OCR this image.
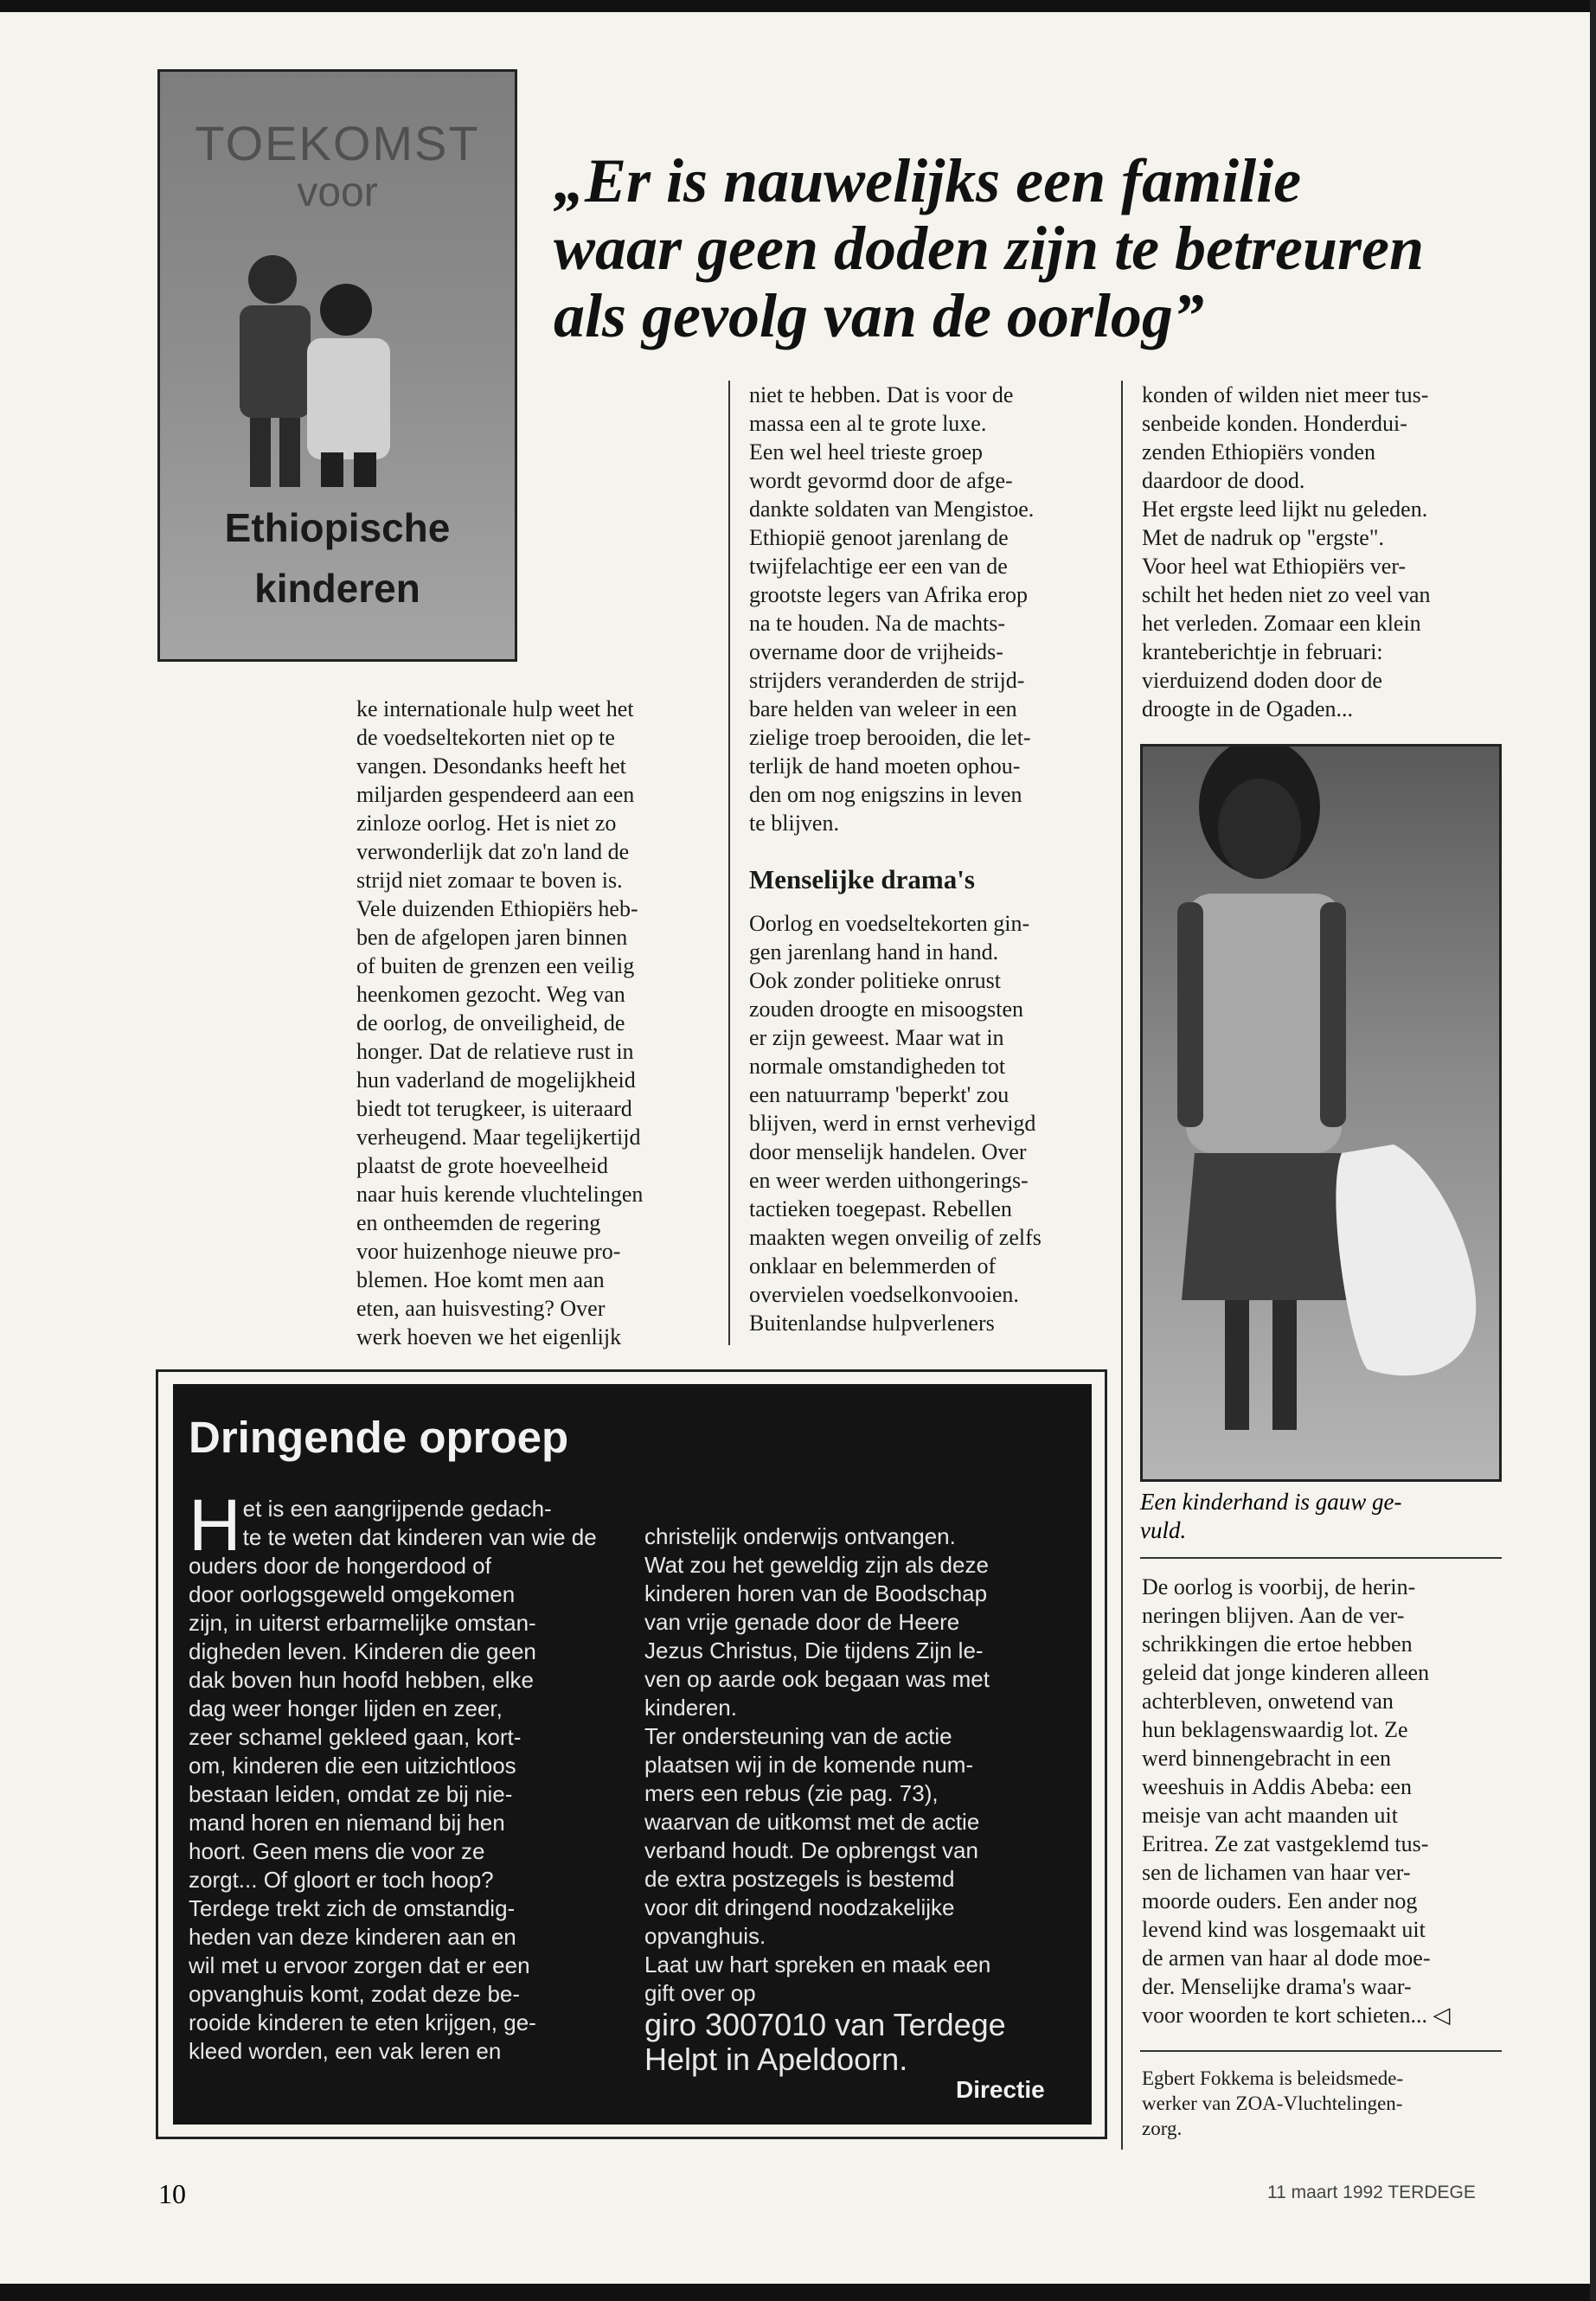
TOEKOMST
voor
Ethiopische
kinderen
„Er is nauwelijks een familie
waar geen doden zijn te betreuren
als gevolg van de oorlog”
ke internationale hulp weet het
de voedseltekorten niet op te
vangen. Desondanks heeft het
miljarden gespendeerd aan een
zinloze oorlog. Het is niet zo
verwonderlijk dat zo'n land de
strijd niet zomaar te boven is.
Vele duizenden Ethiopiërs heb-
ben de afgelopen jaren binnen
of buiten de grenzen een veilig
heenkomen gezocht. Weg van
de oorlog, de onveiligheid, de
honger. Dat de relatieve rust in
hun vaderland de mogelijkheid
biedt tot terugkeer, is uiteraard
verheugend. Maar tegelijkertijd
plaatst de grote hoeveelheid
naar huis kerende vluchtelingen
en ontheemden de regering
voor huizenhoge nieuwe pro-
blemen. Hoe komt men aan
eten, aan huisvesting? Over
werk hoeven we het eigenlijk
niet te hebben. Dat is voor de
massa een al te grote luxe.
Een wel heel trieste groep
wordt gevormd door de afge-
dankte soldaten van Mengistoe.
Ethiopië genoot jarenlang de
twijfelachtige eer een van de
grootste legers van Afrika erop
na te houden. Na de machts-
overname door de vrijheids-
strijders veranderden de strijd-
bare helden van weleer in een
zielige troep berooiden, die let-
terlijk de hand moeten ophou-
den om nog enigszins in leven
te blijven.
Menselijke drama's
Oorlog en voedseltekorten gin-
gen jarenlang hand in hand.
Ook zonder politieke onrust
zouden droogte en misoogsten
er zijn geweest. Maar wat in
normale omstandigheden tot
een natuurramp 'beperkt' zou
blijven, werd in ernst verhevigd
door menselijk handelen. Over
en weer werden uithongerings-
tactieken toegepast. Rebellen
maakten wegen onveilig of zelfs
onklaar en belemmerden of
overvielen voedselkonvooien.
Buitenlandse hulpverleners
konden of wilden niet meer tus-
senbeide konden. Honderdui-
zenden Ethiopiërs vonden
daardoor de dood.
Het ergste leed lijkt nu geleden.
Met de nadruk op "ergste".
Voor heel wat Ethiopiërs ver-
schilt het heden niet zo veel van
het verleden. Zomaar een klein
kranteberichtje in februari:
vierduizend doden door de
droogte in de Ogaden...
Een kinderhand is gauw ge-
vuld.
De oorlog is voorbij, de herin-
neringen blijven. Aan de ver-
schrikkingen die ertoe hebben
geleid dat jonge kinderen alleen
achterbleven, onwetend van
hun beklagenswaardig lot. Ze
werd binnengebracht in een
weeshuis in Addis Abeba: een
meisje van acht maanden uit
Eritrea. Ze zat vastgeklemd tus-
sen de lichamen van haar ver-
moorde ouders. Een ander nog
levend kind was losgemaakt uit
de armen van haar al dode moe-
der. Menselijke drama's waar-
voor woorden te kort schieten... ◁
Egbert Fokkema is beleidsmede-
werker van ZOA-Vluchtelingen-
zorg.
Dringende oproep
H et is een aangrijpende gedach-
te te weten dat kinderen van wie de
ouders door de hongerdood of
door oorlogsgeweld omgekomen
zijn, in uiterst erbarmelijke omstan-
digheden leven. Kinderen die geen
dak boven hun hoofd hebben, elke
dag weer honger lijden en zeer,
zeer schamel gekleed gaan, kort-
om, kinderen die een uitzichtloos
bestaan leiden, omdat ze bij nie-
mand horen en niemand bij hen
hoort. Geen mens die voor ze
zorgt... Of gloort er toch hoop?
Terdege trekt zich de omstandig-
heden van deze kinderen aan en
wil met u ervoor zorgen dat er een
opvanghuis komt, zodat deze be-
rooide kinderen te eten krijgen, ge-
kleed worden, een vak leren en
christelijk onderwijs ontvangen.
Wat zou het geweldig zijn als deze
kinderen horen van de Boodschap
van vrije genade door de Heere
Jezus Christus, Die tijdens Zijn le-
ven op aarde ook begaan was met
kinderen.
Ter ondersteuning van de actie
plaatsen wij in de komende num-
mers een rebus (zie pag. 73),
waarvan de uitkomst met de actie
verband houdt. De opbrengst van
de extra postzegels is bestemd
voor dit dringend noodzakelijke
opvanghuis.
Laat uw hart spreken en maak een
gift over op
giro 3007010 van Terdege
Helpt in Apeldoorn.
Directie
10	11 maart 1992 TERDEGE
